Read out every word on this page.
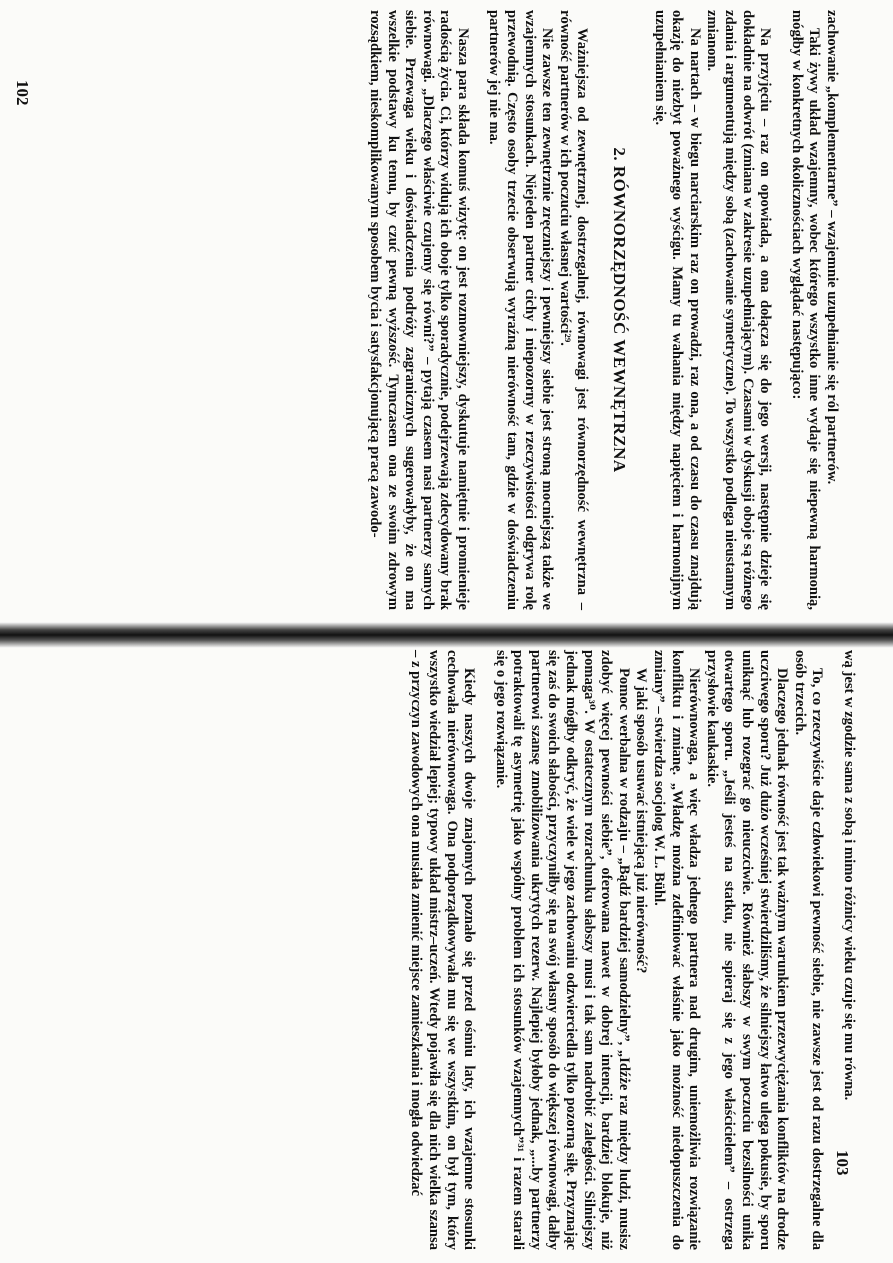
zachowanie „komplementarne” – wzajemnie uzupełnianie się ról partnerów.

Taki żywy układ wzajemny, wobec którego wszystko inne wydaje się niepewną harmonią, mógłby w konkretnych okolicznościach wyglądać następująco:

Na przyjęciu – raz on opowiada, a ona dołącza się do jego wersji, następnie dzieje się dokładnie na odwrót (zmiana w zakresie uzupełniającym). Czasami w dyskusji oboje są różnego zdania i argumentują między sobą (zachowanie symetryczne). To wszystko podlega nieustannym zmianom.

Na nartach – w biegu narciarskim raz on prowadzi, raz ona, a od czasu do czasu znajdują okazję do niezbyt poważnego wyścigu. Mamy tu wahania między napięciem i harmonijnym uzupełnianiem się.

2. RÓWNORZĘDNOŚĆ WEWNĘTRZNA

Ważniejsza od zewnętrznej, dostrzegalnej, równowagi jest równorzędność wewnętrzna – równość partnerów w ich poczuciu własnej wartości²⁹.

Nie zawsze ten zewnętrznie zręczniejszy i pewniejszy siebie jest stroną mocniejszą także we wzajemnych stosunkach. Niejeden partner cichy i niepozorny w rzeczywistości odgrywa rolę przewodnią. Często osoby trzecie obserwują wyraźną nierówność tam, gdzie w doświadczeniu partnerów jej nie ma.

Nasza para składa komuś wizytę: on jest rozmowniejszy, dyskutuje namiętnie i promienieje radością życia. Ci, którzy widują ich oboje tylko sporadycznie, podejrzewają zdecydowany brak równowagi. „Dlaczego właściwie czujemy się równi?” – pytają czasem nasi partnerzy samych siebie. Przewaga wieku i doświadczenia podróży zagranicznych sugerowałyby, że on ma wszelkie podstawy ku temu, by czuć pewną wyższość. Tymczasem ona ze swoim zdrowym rozsądkiem, nieskomplikowanym sposobem bycia i satysfakcjonującą pracą zawodo-

102

wą jest w zgodzie sama z sobą i mimo różnicy wieku czuje się mu równa.

To, co rzeczywiście daje człowiekowi pewność siebie, nie zawsze jest od razu dostrzegalne dla osób trzecich.

Dlaczego jednak równość jest tak ważnym warunkiem przezwyciężania konfliktów na drodze uczciwego sporu? Już dużo wcześniej stwierdziliśmy, że silniejszy łatwo ulega pokusie, by sporu uniknąć lub rozegrać go nieuczciwie. Również słabszy w swym poczuciu bezsilności unika otwartego sporu. „Jeśli jesteś na statku, nie spieraj się z jego właścicielem” – ostrzega przysłowie kaukaskie.

Nierównowaga, a więc władza jednego partnera nad drugim, uniemożliwia rozwiązanie konfliktu i zmianę. „Władzę można zdefiniować właśnie jako możność niedopuszczenia do zmiany” – stwierdza socjolog W. L. Bühl.

W jaki sposób usuwać istniejącą już nierówność?

Pomoc werbalna w rodzaju – „Bądź bardziej samodzielny”, „Idźże raz między ludzi, musisz zdobyć więcej pewności siebie”, oferowana nawet w dobrej intencji, bardziej blokuje, niż pomaga³⁰. W ostatecznym rozrachunku słabszy musi i tak sam nadrobić zaległości. Silniejszy jednak mógłby odkryć, że wiele w jego zachowaniu odzwierciedla tylko pozorną siłę. Przyznając się zaś do swoich słabości, przyczyniłby się na swój własny sposób do większej równowagi, dałby partnerowi szansę zmobilizowania ukrytych rezerw. Najlepiej byłoby jednak, „...by partnerzy potraktowali tę asymetrię jako wspólny problem ich stosunków wzajemnych”³¹ i razem starali się o jego rozwiązanie.

Kiedy naszych dwoje znajomych poznało się przed ośmiu laty, ich wzajemne stosunki cechowała nierównowaga. Ona podporządkowywała mu się we wszystkim, on był tym, który wszystko wiedział lepiej; typowy układ mistrz–uczeń. Wtedy pojawiła się dla nich wielka szansa – z przyczyn zawodowych ona musiała zmienić miejsce zamieszkania i mogła odwiedzać	103
